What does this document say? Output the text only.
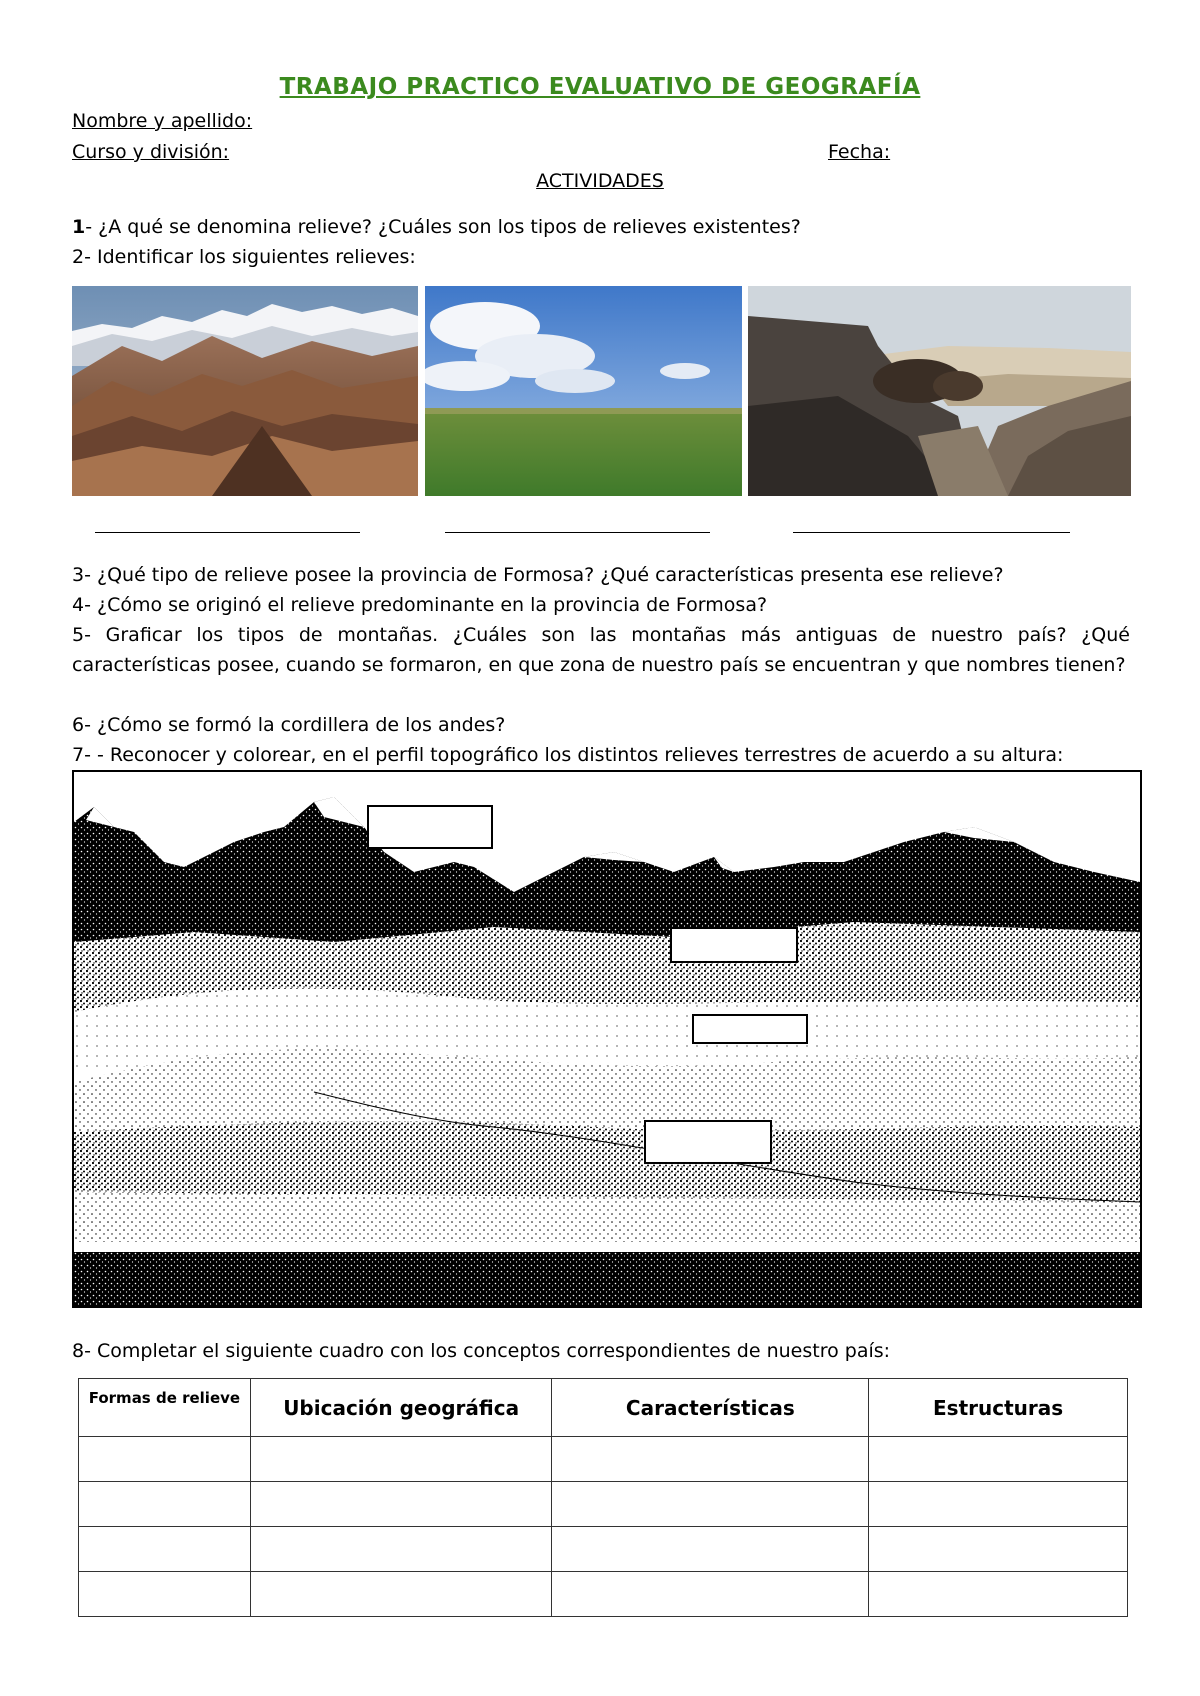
TRABAJO PRACTICO EVALUATIVO DE GEOGRAFÍA
Nombre y apellido:
Curso y división:	Fecha:
ACTIVIDADES
1- ¿A qué se denomina relieve? ¿Cuáles son los tipos de relieves existentes?
2- Identificar los siguientes relieves:
3- ¿Qué tipo de relieve posee la provincia de Formosa? ¿Qué características presenta ese relieve?
4- ¿Cómo se originó el relieve predominante en la provincia de Formosa?
5- Graficar los tipos de montañas. ¿Cuáles son las montañas más antiguas de nuestro país? ¿Qué características posee, cuando se formaron, en que zona de nuestro país se encuentran y que nombres tienen?
6- ¿Cómo se formó la cordillera de los andes?
7- - Reconocer y colorear, en el perfil topográfico los distintos relieves terrestres de acuerdo a su altura:
8- Completar el siguiente cuadro con los conceptos correspondientes de nuestro país:
Formas de relieve	Ubicación geográfica	Características	Estructuras
